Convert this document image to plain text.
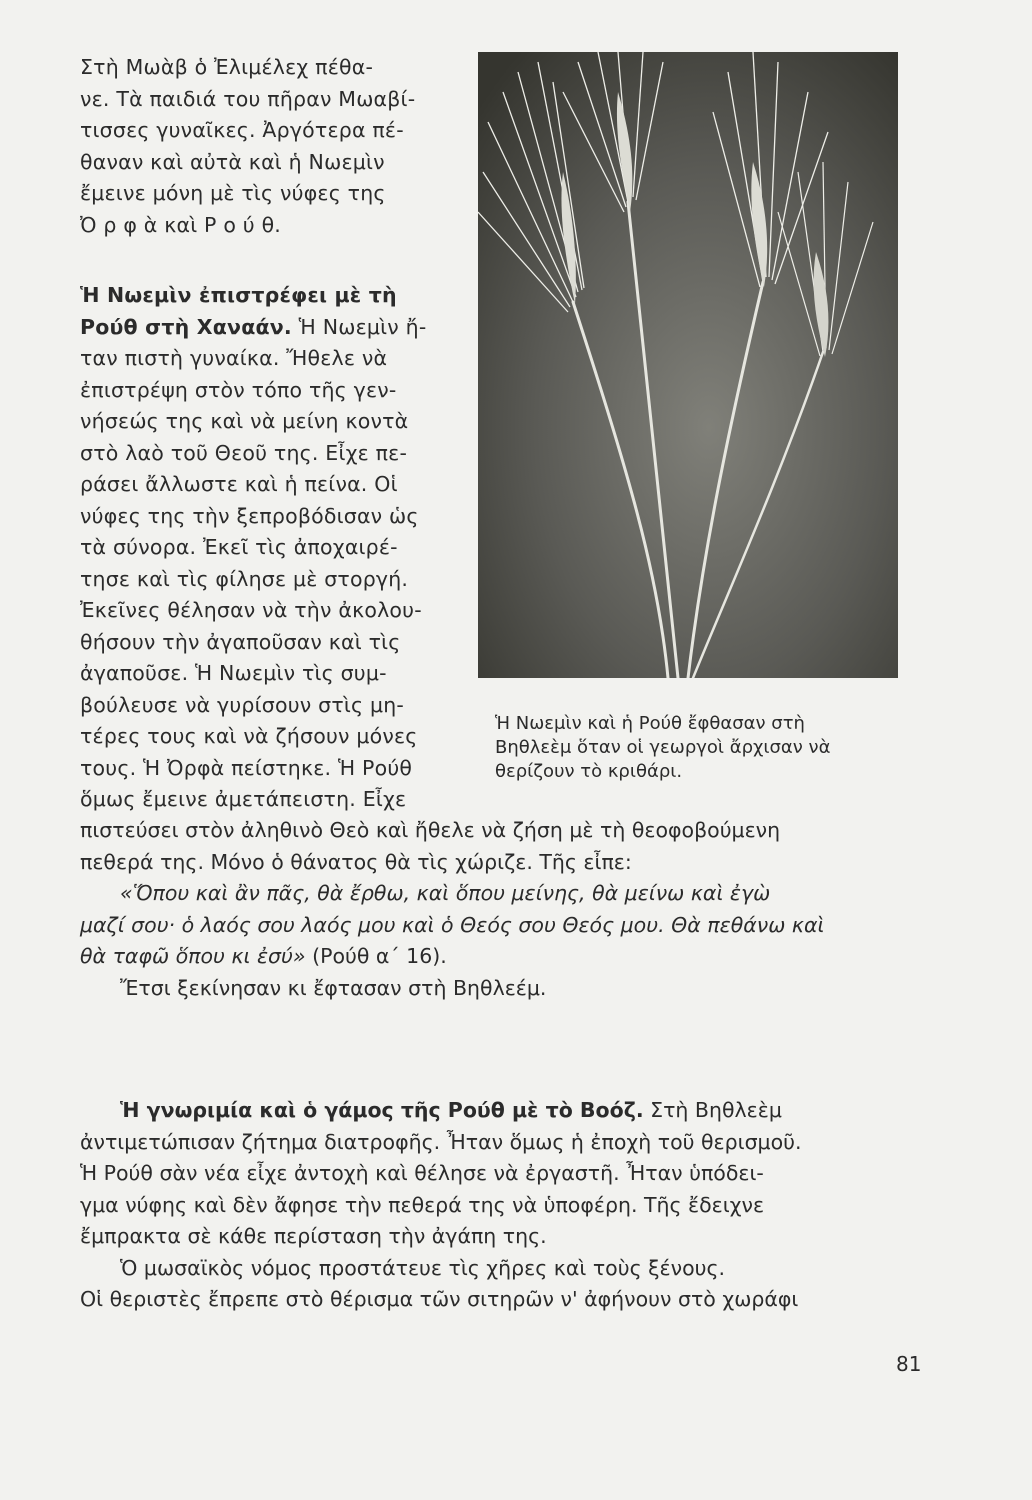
Στὴ Μωὰβ ὁ Ἐλιμέλεχ πέθα-
νε. Τὰ παιδιά του πῆραν Μωαβί-
τισσες γυναῖκες. Ἀργότερα πέ-
θαναν καὶ αὐτὰ καὶ ἡ Νωεμὶν
ἔμεινε μόνη μὲ τὶς νύφες της
Ὀ ρ φ ὰ καὶ Ρ ο ύ θ.
Ἡ Νωεμὶν ἐπιστρέφει μὲ τὴ
Ρούθ στὴ Χαναάν. Ἡ Νωεμὶν ἤ-
ταν πιστὴ γυναίκα. Ἤθελε νὰ
ἐπιστρέψη στὸν τόπο τῆς γεν-
νήσεώς της καὶ νὰ μείνη κοντὰ
στὸ λαὸ τοῦ Θεοῦ της. Εἶχε πε-
ράσει ἄλλωστε καὶ ἡ πείνα. Οἱ
νύφες της τὴν ξεπροβόδισαν ὡς
τὰ σύνορα. Ἐκεῖ τὶς ἀποχαιρέ-
τησε καὶ τὶς φίλησε μὲ στοργή.
Ἐκεῖνες θέλησαν νὰ τὴν ἀκολου-
θήσουν τὴν ἀγαποῦσαν καὶ τὶς
ἀγαποῦσε. Ἡ Νωεμὶν τὶς συμ-
βούλευσε νὰ γυρίσουν στὶς μη-
τέρες τους καὶ νὰ ζήσουν μόνες
τους. Ἡ Ὀρφὰ πείστηκε. Ἡ Ρούθ
ὅμως ἔμεινε ἀμετάπειστη. Εἶχε
Ἡ Νωεμὶν καὶ ἡ Ρούθ ἔφθασαν στὴ
Βηθλεὲμ ὅταν οἱ γεωργοὶ ἄρχισαν νὰ
θερίζουν τὸ κριθάρι.
πιστεύσει στὸν ἀληθινὸ Θεὸ καὶ ἤθελε νὰ ζήση μὲ τὴ θεοφοβούμενη
πεθερά της. Μόνο ὁ θάνατος θὰ τὶς χώριζε. Τῆς εἶπε:
«Ὅπου καὶ ἂν πᾶς, θὰ ἔρθω, καὶ ὅπου μείνης, θὰ μείνω καὶ ἐγὼ
μαζί σου· ὁ λαός σου λαός μου καὶ ὁ Θεός σου Θεός μου. Θὰ πεθάνω καὶ
θὰ ταφῶ ὅπου κι ἐσύ» (Ρούθ α΄ 16).
Ἔτσι ξεκίνησαν κι ἔφτασαν στὴ Βηθλεέμ.
Ἡ γνωριμία καὶ ὁ γάμος τῆς Ρούθ μὲ τὸ Βοόζ. Στὴ Βηθλεὲμ
ἀντιμετώπισαν ζήτημα διατροφῆς. Ἦταν ὅμως ἡ ἐποχὴ τοῦ θερισμοῦ.
Ἡ Ρούθ σὰν νέα εἶχε ἀντοχὴ καὶ θέλησε νὰ ἐργαστῆ. Ἦταν ὑπόδει-
γμα νύφης καὶ δὲν ἄφησε τὴν πεθερά της νὰ ὑποφέρη. Τῆς ἔδειχνε
ἔμπρακτα σὲ κάθε περίσταση τὴν ἀγάπη της.
Ὁ μωσαϊκὸς νόμος προστάτευε τὶς χῆρες καὶ τοὺς ξένους.
Οἱ θεριστὲς ἔπρεπε στὸ θέρισμα τῶν σιτηρῶν ν' ἀφήνουν στὸ χωράφι
81
